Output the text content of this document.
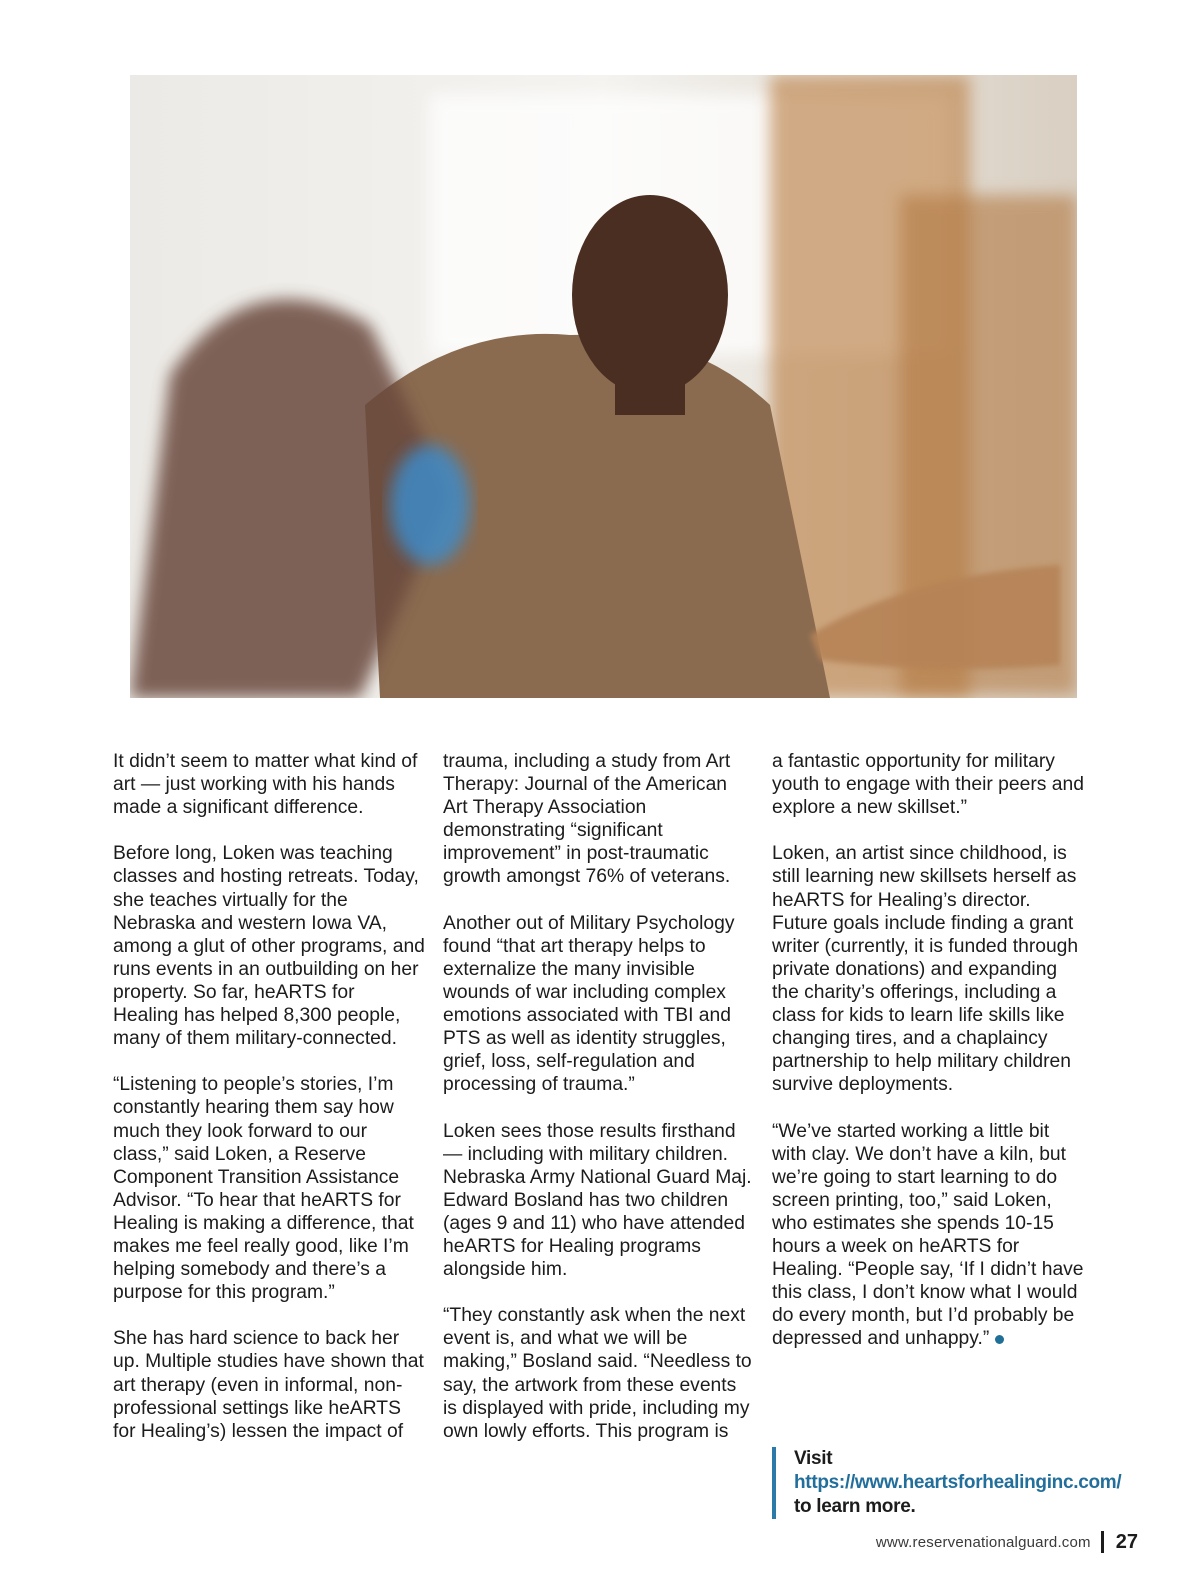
It didn’t seem to matter what kind of art — just working with his hands made a significant difference.

Before long, Loken was teaching classes and hosting retreats. Today, she teaches virtually for the Nebraska and western Iowa VA, among a glut of other programs, and runs events in an outbuilding on her property. So far, heARTS for Healing has helped 8,300 people, many of them military-connected.

“Listening to people’s stories, I’m constantly hearing them say how much they look forward to our class,” said Loken, a Reserve Component Transition Assistance Advisor. “To hear that heARTS for Healing is making a difference, that makes me feel really good, like I’m helping somebody and there’s a purpose for this program.”

She has hard science to back her up. Multiple studies have shown that art therapy (even in informal, non-professional settings like heARTS for Healing’s) lessen the impact of

trauma, including a study from Art Therapy: Journal of the American Art Therapy Association demonstrating “significant improvement” in post-traumatic growth amongst 76% of veterans.

Another out of Military Psychology found “that art therapy helps to externalize the many invisible wounds of war including complex emotions associated with TBI and PTS as well as identity struggles, grief, loss, self-regulation and processing of trauma.”

Loken sees those results firsthand — including with military children. Nebraska Army National Guard Maj. Edward Bosland has two children (ages 9 and 11) who have attended heARTS for Healing programs alongside him.

“They constantly ask when the next event is, and what we will be making,” Bosland said. “Needless to say, the artwork from these events is displayed with pride, including my own lowly efforts. This program is

a fantastic opportunity for military youth to engage with their peers and explore a new skillset.”

Loken, an artist since childhood, is still learning new skillsets herself as heARTS for Healing’s director. Future goals include finding a grant writer (currently, it is funded through private donations) and expanding the charity’s offerings, including a class for kids to learn life skills like changing tires, and a chaplaincy partnership to help military children survive deployments.

“We’ve started working a little bit with clay. We don’t have a kiln, but we’re going to start learning to do screen printing, too,” said Loken, who estimates she spends 10-15 hours a week on heARTS for Healing. “People say, ‘If I didn’t have this class, I don’t know what I would do every month, but I’d probably be depressed and unhappy.”

Visit https://www.heartsforhealinginc.com/ to learn more.
www.reservenationalguard.com 27
